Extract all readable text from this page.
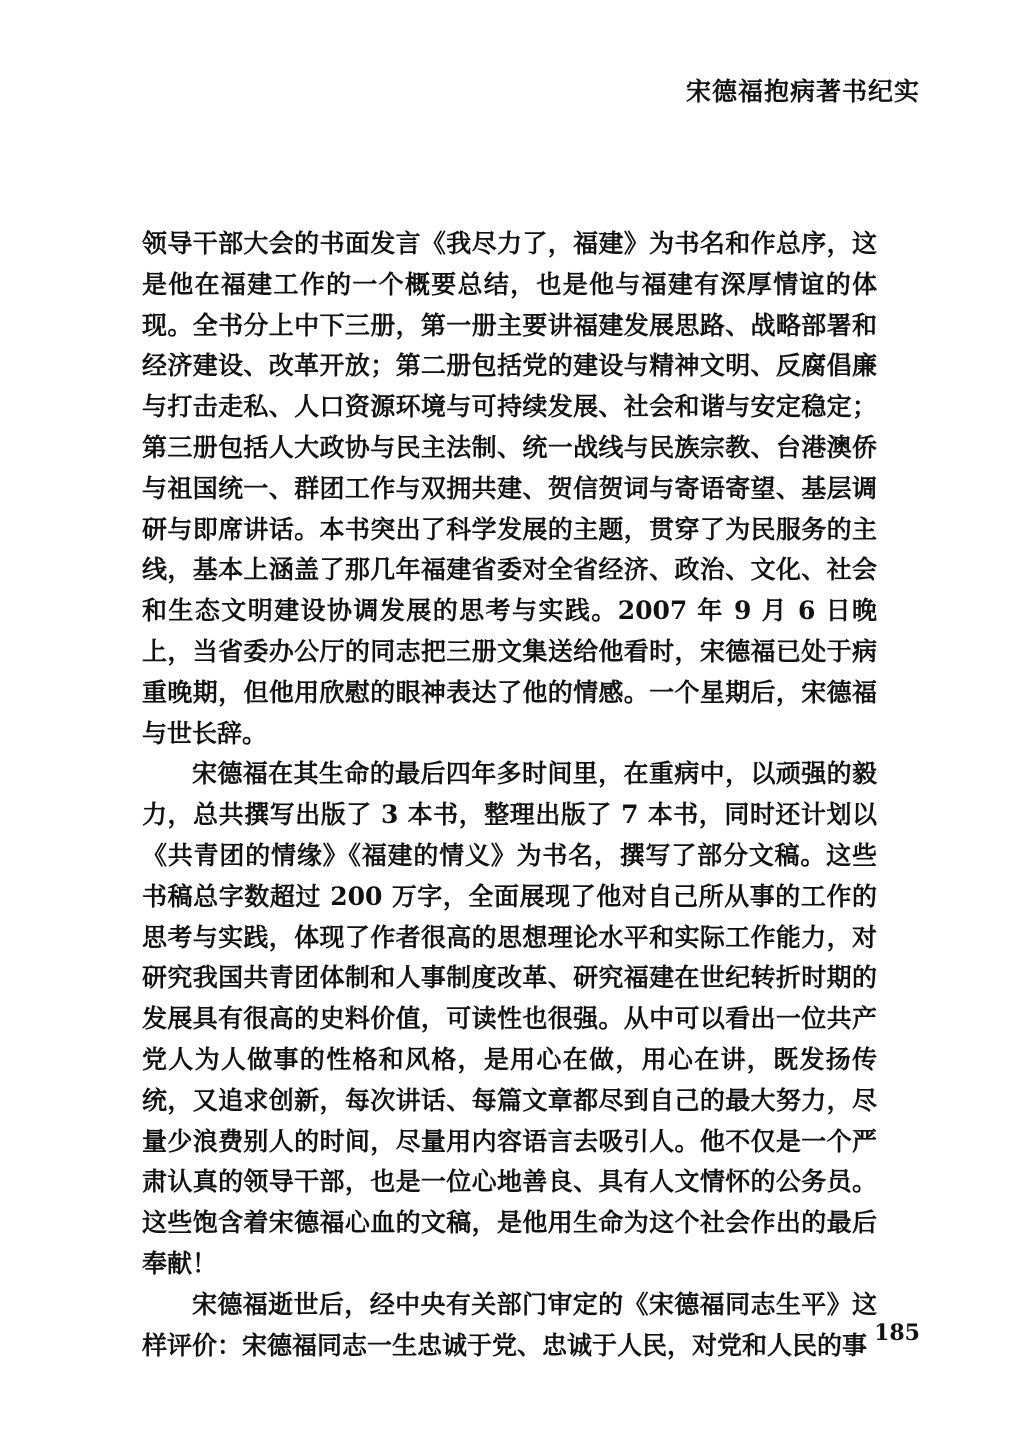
宋德福抱病著书纪实

领导干部大会的书面发言《我尽力了，福建》为书名和作总序，这是他在福建工作的一个概要总结，也是他与福建有深厚情谊的体现。全书分上中下三册，第一册主要讲福建发展思路、战略部署和经济建设、改革开放；第二册包括党的建设与精神文明、反腐倡廉与打击走私、人口资源环境与可持续发展、社会和谐与安定稳定；第三册包括人大政协与民主法制、统一战线与民族宗教、台港澳侨与祖国统一、群团工作与双拥共建、贺信贺词与寄语寄望、基层调研与即席讲话。本书突出了科学发展的主题，贯穿了为民服务的主线，基本上涵盖了那几年福建省委对全省经济、政治、文化、社会和生态文明建设协调发展的思考与实践。2007 年 9 月 6 日晚上，当省委办公厅的同志把三册文集送给他看时，宋德福已处于病重晚期，但他用欣慰的眼神表达了他的情感。一个星期后，宋德福与世长辞。

宋德福在其生命的最后四年多时间里，在重病中，以顽强的毅力，总共撰写出版了 3 本书，整理出版了 7 本书，同时还计划以《共青团的情缘》《福建的情义》为书名，撰写了部分文稿。这些书稿总字数超过 200 万字，全面展现了他对自己所从事的工作的思考与实践，体现了作者很高的思想理论水平和实际工作能力，对研究我国共青团体制和人事制度改革、研究福建在世纪转折时期的发展具有很高的史料价值，可读性也很强。从中可以看出一位共产党人为人做事的性格和风格，是用心在做，用心在讲，既发扬传统，又追求创新，每次讲话、每篇文章都尽到自己的最大努力，尽量少浪费别人的时间，尽量用内容语言去吸引人。他不仅是一个严肃认真的领导干部，也是一位心地善良、具有人文情怀的公务员。这些饱含着宋德福心血的文稿，是他用生命为这个社会作出的最后奉献！

宋德福逝世后，经中央有关部门审定的《宋德福同志生平》这样评价：宋德福同志一生忠诚于党、忠诚于人民，对党和人民的事 185
